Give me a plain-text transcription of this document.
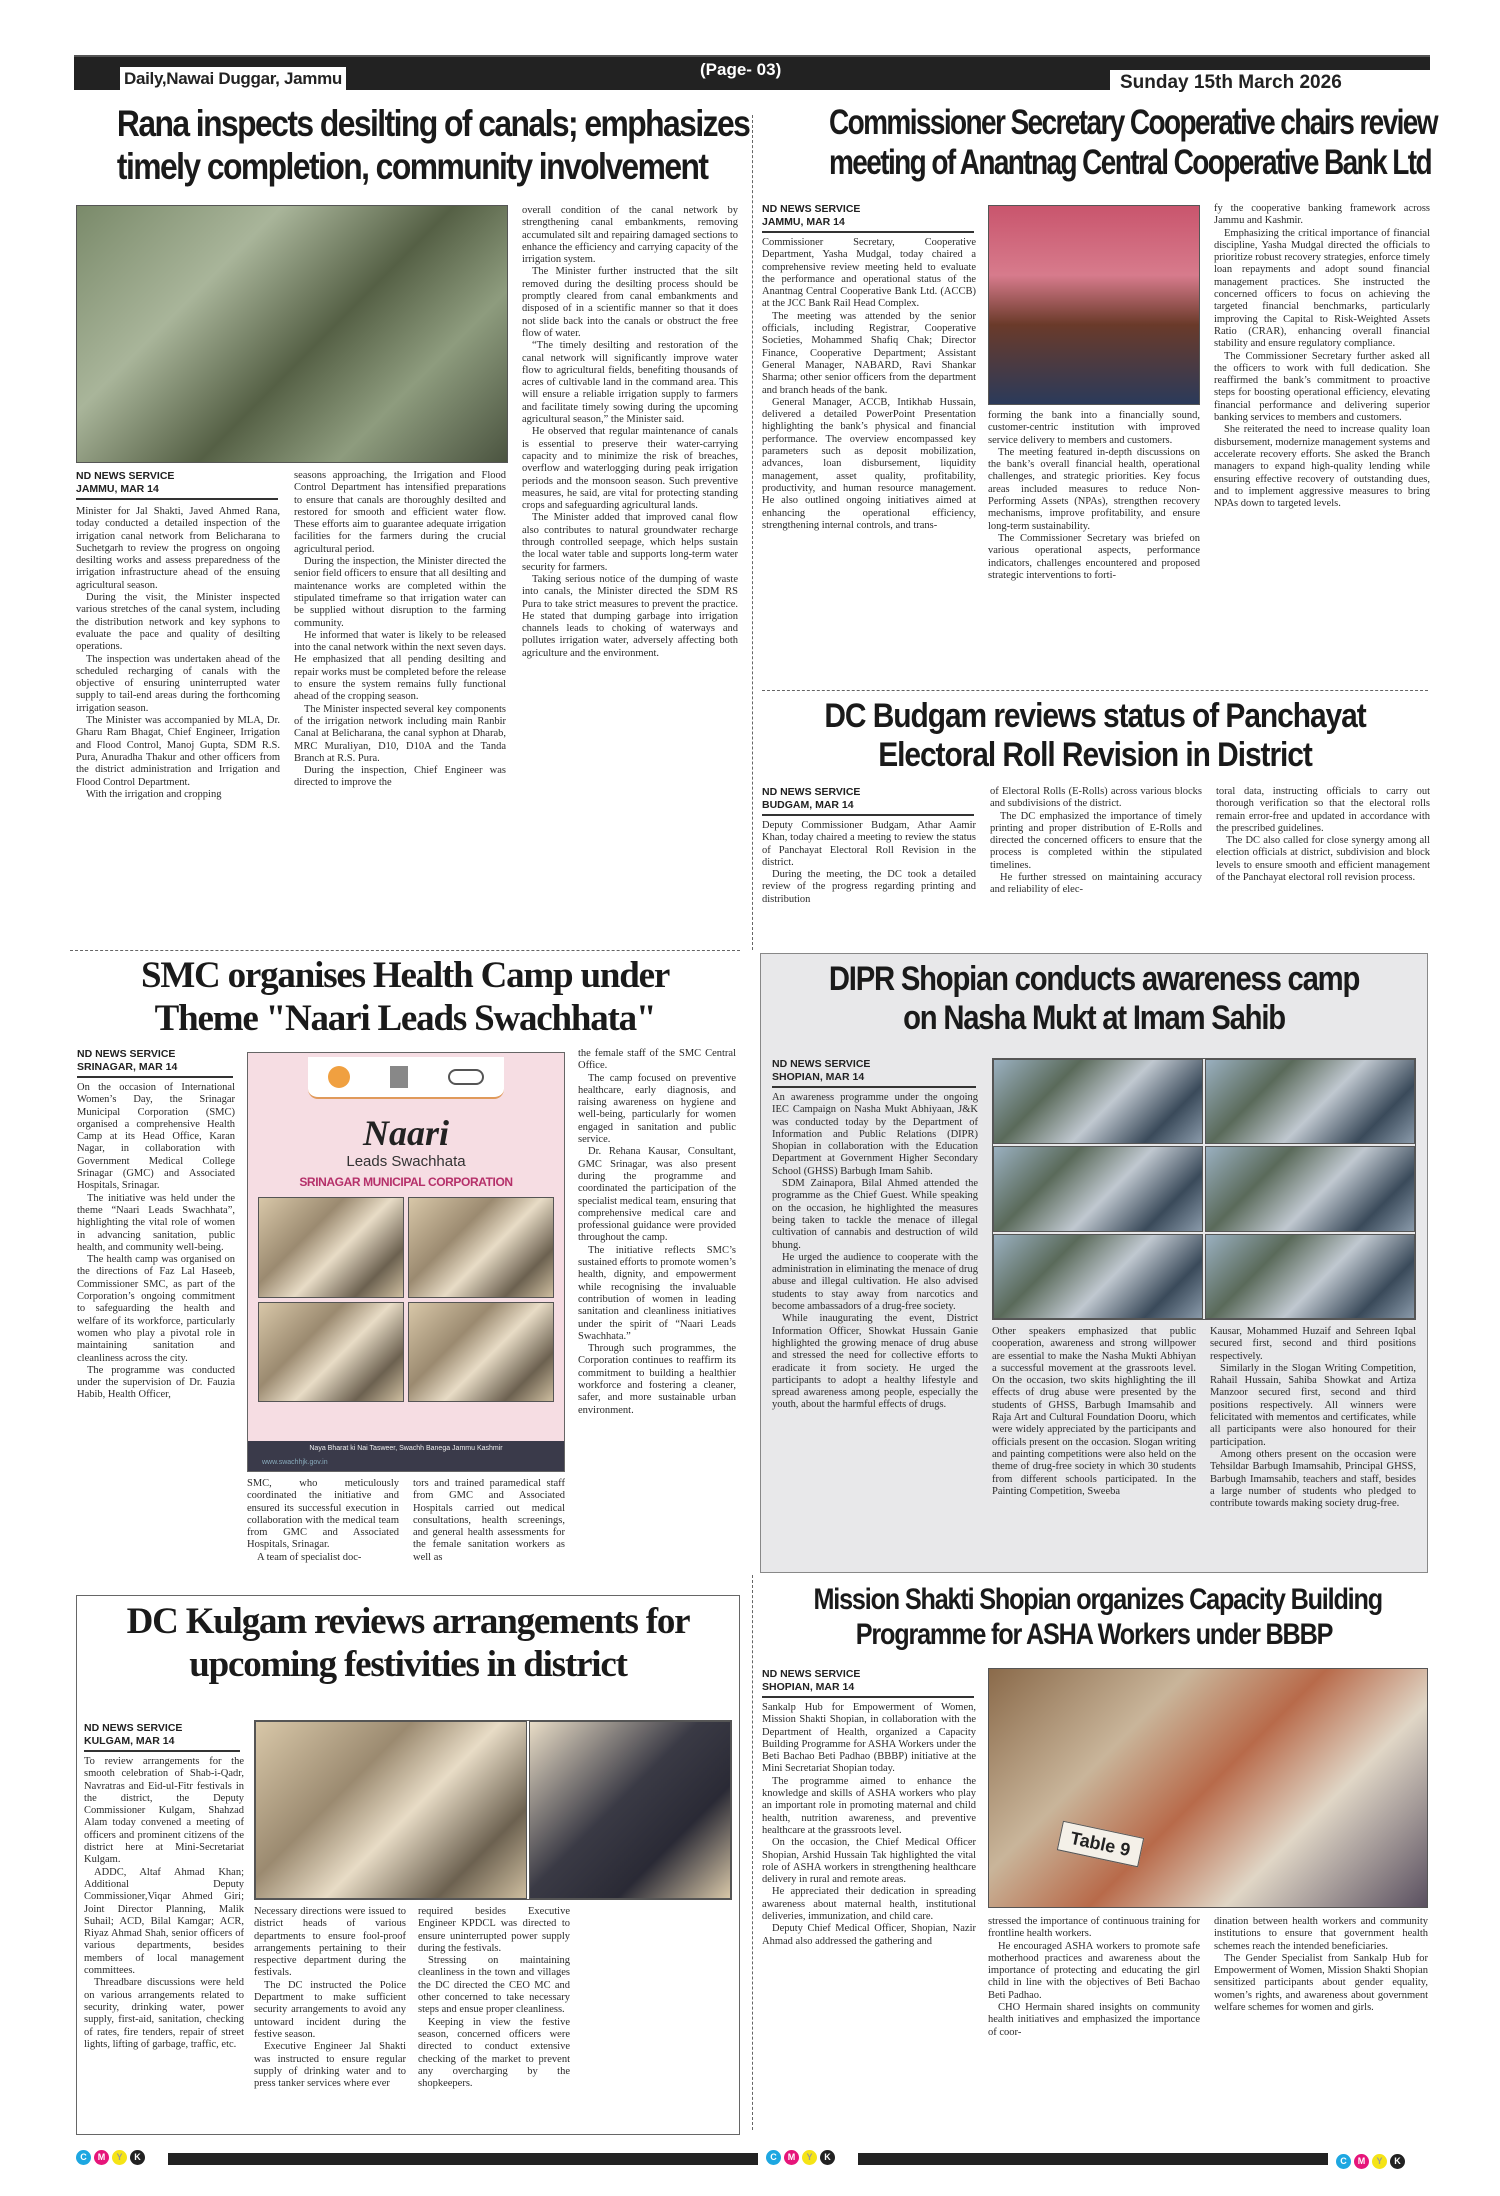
Daily,Nawai Duggar, Jammu	(Page- 03)
Sunday 15th March 2026
Rana inspects desilting of canals; emphasizes
timely completion, community involvement
ND NEWS SERVICE
JAMMU, MAR 14

Minister for Jal Shakti, Javed Ahmed Rana, today conducted a detailed inspection of the irrigation canal network from Belicharana to Suchetgarh to review the progress on ongoing desilting works and assess preparedness of the irrigation infrastructure ahead of the ensuing agricultural season.

During the visit, the Minister inspected various stretches of the canal system, including the distribution network and key syphons to evaluate the pace and quality of desilting operations.

The inspection was undertaken ahead of the scheduled recharging of canals with the objective of ensuring uninterrupted water supply to tail-end areas during the forthcoming irrigation season.

The Minister was accompanied by MLA, Dr. Gharu Ram Bhagat, Chief Engineer, Irrigation and Flood Control, Manoj Gupta, SDM R.S. Pura, Anuradha Thakur and other officers from the district administration and Irrigation and Flood Control Department.

With the irrigation and cropping

seasons approaching, the Irrigation and Flood Control Department has intensified preparations to ensure that canals are thoroughly desilted and restored for smooth and efficient water flow. These efforts aim to guarantee adequate irrigation facilities for the farmers during the crucial agricultural period.

During the inspection, the Minister directed the senior field officers to ensure that all desilting and maintenance works are completed within the stipulated timeframe so that irrigation water can be supplied without disruption to the farming community.

He informed that water is likely to be released into the canal network within the next seven days. He emphasized that all pending desilting and repair works must be completed before the release to ensure the system remains fully functional ahead of the cropping season.

The Minister inspected several key components of the irrigation network including main Ranbir Canal at Belicharana, the canal syphon at Dharab, MRC Muraliyan, D10, D10A and the Tanda Branch at R.S. Pura.

During the inspection, Chief Engineer was directed to improve the

overall condition of the canal network by strengthening canal embankments, removing accumulated silt and repairing damaged sections to enhance the efficiency and carrying capacity of the irrigation system.

The Minister further instructed that the silt removed during the desilting process should be promptly cleared from canal embankments and disposed of in a scientific manner so that it does not slide back into the canals or obstruct the free flow of water.

“The timely desilting and restoration of the canal network will significantly improve water flow to agricultural fields, benefiting thousands of acres of cultivable land in the command area. This will ensure a reliable irrigation supply to farmers and facilitate timely sowing during the upcoming agricultural season,” the Minister said.

He observed that regular maintenance of canals is essential to preserve their water-carrying capacity and to minimize the risk of breaches, overflow and waterlogging during peak irrigation periods and the monsoon season. Such preventive measures, he said, are vital for protecting standing crops and safeguarding agricultural lands.

The Minister added that improved canal flow also contributes to natural groundwater recharge through controlled seepage, which helps sustain the local water table and supports long-term water security for farmers.

Taking serious notice of the dumping of waste into canals, the Minister directed the SDM RS Pura to take strict measures to prevent the practice. He stated that dumping garbage into irrigation channels leads to choking of waterways and pollutes irrigation water, adversely affecting both agriculture and the environment.

Commissioner Secretary Cooperative chairs review
meeting of Anantnag Central Cooperative Bank Ltd
ND NEWS SERVICE
JAMMU, MAR 14

Commissioner Secretary, Cooperative Department, Yasha Mudgal, today chaired a comprehensive review meeting held to evaluate the performance and operational status of the Anantnag Central Cooperative Bank Ltd. (ACCB) at the JCC Bank Rail Head Complex.

The meeting was attended by the senior officials, including Registrar, Cooperative Societies, Mohammed Shafiq Chak; Director Finance, Cooperative Department; Assistant General Manager, NABARD, Ravi Shankar Sharma; other senior officers from the department and branch heads of the bank.

General Manager, ACCB, Intikhab Hussain, delivered a detailed PowerPoint Presentation highlighting the bank’s physical and financial performance. The overview encompassed key parameters such as deposit mobilization, advances, loan disbursement, liquidity management, asset quality, profitability, productivity, and human resource management. He also outlined ongoing initiatives aimed at enhancing the operational efficiency, strengthening internal controls, and trans-

forming the bank into a financially sound, customer-centric institution with improved service delivery to members and customers.

The meeting featured in-depth discussions on the bank’s overall financial health, operational challenges, and strategic priorities. Key focus areas included measures to reduce Non-Performing Assets (NPAs), strengthen recovery mechanisms, improve profitability, and ensure long-term sustainability.

The Commissioner Secretary was briefed on various operational aspects, performance indicators, challenges encountered and proposed strategic interventions to forti-

fy the cooperative banking framework across Jammu and Kashmir.

Emphasizing the critical importance of financial discipline, Yasha Mudgal directed the officials to prioritize robust recovery strategies, enforce timely loan repayments and adopt sound financial management practices. She instructed the concerned officers to focus on achieving the targeted financial benchmarks, particularly improving the Capital to Risk-Weighted Assets Ratio (CRAR), enhancing overall financial stability and ensure regulatory compliance.

The Commissioner Secretary further asked all the officers to work with full dedication. She reaffirmed the bank’s commitment to proactive steps for boosting operational efficiency, elevating financial performance and delivering superior banking services to members and customers.

She reiterated the need to increase quality loan disbursement, modernize management systems and accelerate recovery efforts. She asked the Branch managers to expand high-quality lending while ensuring effective recovery of outstanding dues, and to implement aggressive measures to bring NPAs down to targeted levels.

DC Budgam reviews status of Panchayat
Electoral Roll Revision in District
ND NEWS SERVICE
BUDGAM, MAR 14

Deputy Commissioner Budgam, Athar Aamir Khan, today chaired a meeting to review the status of Panchayat Electoral Roll Revision in the district.

During the meeting, the DC took a detailed review of the progress regarding printing and distribution

of Electoral Rolls (E-Rolls) across various blocks and subdivisions of the district.

The DC emphasized the importance of timely printing and proper distribution of E-Rolls and directed the concerned officers to ensure that the process is completed within the stipulated timelines.

He further stressed on maintaining accuracy and reliability of elec-

toral data, instructing officials to carry out thorough verification so that the electoral rolls remain error-free and updated in accordance with the prescribed guidelines.

The DC also called for close synergy among all election officials at district, subdivision and block levels to ensure smooth and efficient management of the Panchayat electoral roll revision process.

SMC organises Health Camp under
Theme "Naari Leads Swachhata"
ND NEWS SERVICE
SRINAGAR, MAR 14

On the occasion of International Women’s Day, the Srinagar Municipal Corporation (SMC) organised a comprehensive Health Camp at its Head Office, Karan Nagar, in collaboration with Government Medical College Srinagar (GMC) and Associated Hospitals, Srinagar.

The initiative was held under the theme “Naari Leads Swachhata”, highlighting the vital role of women in advancing sanitation, public health, and community well-being.

The health camp was organised on the directions of Faz Lal Haseeb, Commissioner SMC, as part of the Corporation’s ongoing commitment to safeguarding the health and welfare of its workforce, particularly women who play a pivotal role in maintaining sanitation and cleanliness across the city.

The programme was conducted under the supervision of Dr. Fauzia Habib, Health Officer,

Naari
Leads Swachhata
SRINAGAR MUNICIPAL CORPORATION
Naya Bharat ki Nai Tasweer, Swachh Banega Jammu Kashmir
www.swachhjk.gov.in

SMC, who meticulously coordinated the initiative and ensured its successful execution in collaboration with the medical team from GMC and Associated Hospitals, Srinagar.

A team of specialist doc-

tors and trained paramedical staff from GMC and Associated Hospitals carried out medical consultations, health screenings, and general health assessments for the female sanitation workers as well as

the female staff of the SMC Central Office.

The camp focused on preventive healthcare, early diagnosis, and raising awareness on hygiene and well-being, particularly for women engaged in sanitation and public service.

Dr. Rehana Kausar, Consultant, GMC Srinagar, was also present during the programme and coordinated the participation of the specialist medical team, ensuring that comprehensive medical care and professional guidance were provided throughout the camp.

The initiative reflects SMC’s sustained efforts to promote women’s health, dignity, and empowerment while recognising the invaluable contribution of women in leading sanitation and cleanliness initiatives under the spirit of “Naari Leads Swachhata.”

Through such programmes, the Corporation continues to reaffirm its commitment to building a healthier workforce and fostering a cleaner, safer, and more sustainable urban environment.

DIPR Shopian conducts awareness camp
on Nasha Mukt at Imam Sahib
ND NEWS SERVICE
SHOPIAN, MAR 14

An awareness programme under the ongoing IEC Campaign on Nasha Mukt Abhiyaan, J&K was conducted today by the Department of Information and Public Relations (DIPR) Shopian in collaboration with the Education Department at Government Higher Secondary School (GHSS) Barbugh Imam Sahib.

SDM Zainapora, Bilal Ahmed attended the programme as the Chief Guest. While speaking on the occasion, he highlighted the measures being taken to tackle the menace of illegal cultivation of cannabis and destruction of wild bhung.

He urged the audience to cooperate with the administration in eliminating the menace of drug abuse and illegal cultivation. He also advised students to stay away from narcotics and become ambassadors of a drug-free society.

While inaugurating the event, District Information Officer, Showkat Hussain Ganie highlighted the growing menace of drug abuse and stressed the need for collective efforts to eradicate it from society. He urged the participants to adopt a healthy lifestyle and spread awareness among people, especially the youth, about the harmful effects of drugs.

Other speakers emphasized that public cooperation, awareness and strong willpower are essential to make the Nasha Mukti Abhiyan a successful movement at the grassroots level. On the occasion, two skits highlighting the ill effects of drug abuse were presented by the students of GHSS, Barbugh Imamsahib and Raja Art and Cultural Foundation Dooru, which were widely appreciated by the participants and officials present on the occasion. Slogan writing and painting competitions were also held on the theme of drug-free society in which 30 students from different schools participated. In the Painting Competition, Sweeba

Kausar, Mohammed Huzaif and Sehreen Iqbal secured first, second and third positions respectively.

Similarly in the Slogan Writing Competition, Rahail Hussain, Sahiba Showkat and Artiza Manzoor secured first, second and third positions respectively. All winners were felicitated with mementos and certificates, while all participants were also honoured for their participation.

Among others present on the occasion were Tehsildar Barbugh Imamsahib, Principal GHSS, Barbugh Imamsahib, teachers and staff, besides a large number of students who pledged to contribute towards making society drug-free.

DC Kulgam reviews arrangements for
upcoming festivities in district
ND NEWS SERVICE
KULGAM, MAR 14

To review arrangements for the smooth celebration of Shab-i-Qadr, Navratras and Eid-ul-Fitr festivals in the district, the Deputy Commissioner Kulgam, Shahzad Alam today convened a meeting of officers and prominent citizens of the district here at Mini-Secretariat Kulgam.

ADDC, Altaf Ahmad Khan; Additional Deputy Commissioner,Viqar Ahmed Giri; Joint Director Planning, Malik Suhail; ACD, Bilal Kamgar; ACR, Riyaz Ahmad Shah, senior officers of various departments, besides members of local management committees.

Threadbare discussions were held on various arrangements related to security, drinking water, power supply, first-aid, sanitation, checking of rates, fire tenders, repair of street lights, lifting of garbage, traffic, etc.

Necessary directions were issued to district heads of various departments to ensure fool-proof arrangements pertaining to their respective department during the festivals.

The DC instructed the Police Department to make sufficient security arrangements to avoid any untoward incident during the festive season.

Executive Engineer Jal Shakti was instructed to ensure regular supply of drinking water and to press tanker services where ever

required besides Executive Engineer KPDCL was directed to ensure uninterrupted power supply during the festivals.

Stressing on maintaining cleanliness in the town and villages the DC directed the CEO MC and other concerned to take necessary steps and ensue proper cleanliness.

Keeping in view the festive season, concerned officers were directed to conduct extensive checking of the market to prevent any overcharging by the shopkeepers.

Mission Shakti Shopian organizes Capacity Building
Programme for ASHA Workers under BBBP
ND NEWS SERVICE
SHOPIAN, MAR 14

Sankalp Hub for Empowerment of Women, Mission Shakti Shopian, in collaboration with the Department of Health, organized a Capacity Building Programme for ASHA Workers under the Beti Bachao Beti Padhao (BBBP) initiative at the Mini Secretariat Shopian today.

The programme aimed to enhance the knowledge and skills of ASHA workers who play an important role in promoting maternal and child health, nutrition awareness, and preventive healthcare at the grassroots level.

On the occasion, the Chief Medical Officer Shopian, Arshid Hussain Tak highlighted the vital role of ASHA workers in strengthening healthcare delivery in rural and remote areas.

He appreciated their dedication in spreading awareness about maternal health, institutional deliveries, immunization, and child care.

Deputy Chief Medical Officer, Shopian, Nazir Ahmad also addressed the gathering and

Table 9

stressed the importance of continuous training for frontline health workers.

He encouraged ASHA workers to promote safe motherhood practices and awareness about the importance of protecting and educating the girl child in line with the objectives of Beti Bachao Beti Padhao.

CHO Hermain shared insights on community health initiatives and emphasized the importance of coor-

dination between health workers and community institutions to ensure that government health schemes reach the intended beneficiaries.

The Gender Specialist from Sankalp Hub for Empowerment of Women, Mission Shakti Shopian sensitized participants about gender equality, women’s rights, and awareness about government welfare schemes for women and girls.

C	M	Y	K	C	M	Y	K	C	M	Y	K
